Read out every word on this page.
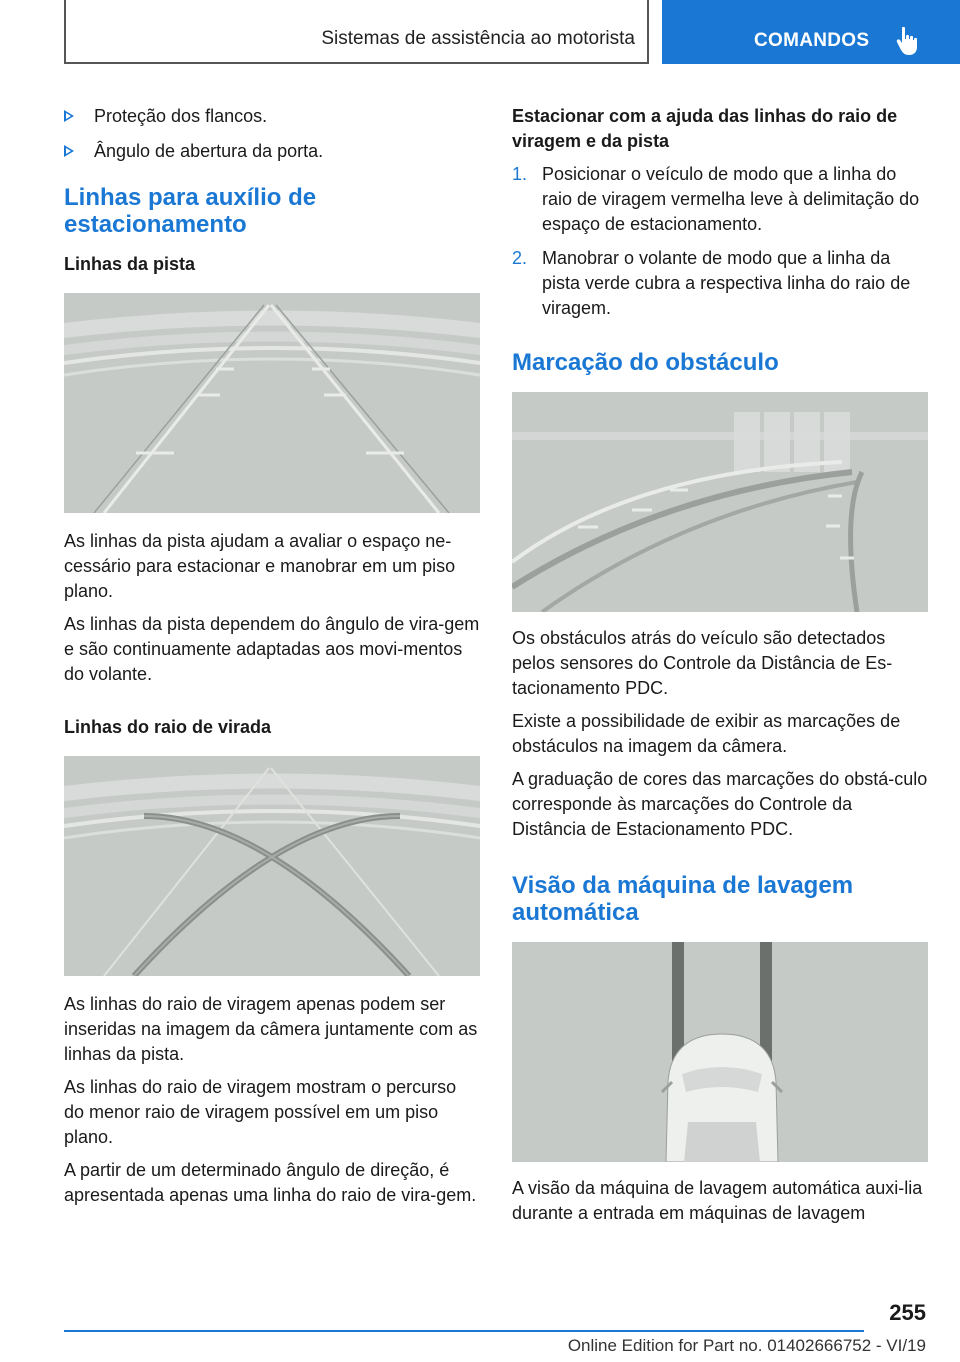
Sistemas de assistência ao motorista	COMANDOS
Proteção dos flancos.
Ângulo de abertura da porta.
Linhas para auxílio de estacionamento
Linhas da pista

As linhas da pista ajudam a avaliar o espaço ne-cessário para estacionar e manobrar em um piso plano.

As linhas da pista dependem do ângulo de vira-gem e são continuamente adaptadas aos movi-mentos do volante.

Linhas do raio de virada

As linhas do raio de viragem apenas podem ser inseridas na imagem da câmera juntamente com as linhas da pista.

As linhas do raio de viragem mostram o percurso do menor raio de viragem possível em um piso plano.

A partir de um determinado ângulo de direção, é apresentada apenas uma linha do raio de vira-gem.

Estacionar com a ajuda das linhas do raio de viragem e da pista
1. Posicionar o veículo de modo que a linha do raio de viragem vermelha leve à delimitação do espaço de estacionamento.
2. Manobrar o volante de modo que a linha da pista verde cubra a respectiva linha do raio de viragem.
Marcação do obstáculo

Os obstáculos atrás do veículo são detectados pelos sensores do Controle da Distância de Es-tacionamento PDC.

Existe a possibilidade de exibir as marcações de obstáculos na imagem da câmera.

A graduação de cores das marcações do obstá-culo corresponde às marcações do Controle da Distância de Estacionamento PDC.

Visão da máquina de lavagem automática

A visão da máquina de lavagem automática auxi-lia durante a entrada em máquinas de lavagem

255
Online Edition for Part no. 01402666752 - VI/19
